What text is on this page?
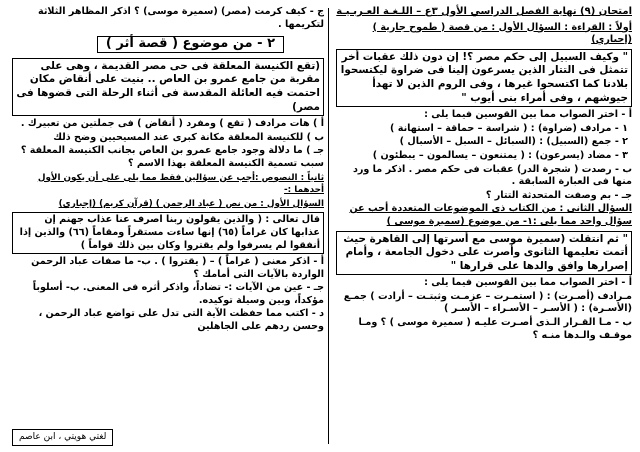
امتحان (٩) نهاية الفصل الدراسي الأول ٣ع – اللـغـة العـربـيـة
أولاً : القراءة : السؤال الأول : من قصة ( طموح جارية ) (إجباري)
" وكيف السبيل إلى حكم مصر ؟! إن دون ذلك عقبات أخر تتمثل فى التتار الذين يسرعون إلينا فى ضراوة ليكتسحوا بلادنا كما اكتسحوا غيرها ، وفى الروم الذين لا تهدأ جيوشهم ، وفى أمراء بنى أيوب "
أ - اختر الصواب مما بين القوسين فيما يلى :
١ - مرادف (ضراوة) : ( شراسة – حماقة – استهانة )
٢ - جمع (السبيل) : (السبائل – السبل – الأسبال )
٣ - مضاد (يسرعون) : ( يمتنعون – يسالمون – يبطئون )
ب - رصدت ( شجرة الدر) عقبات فى حكم مصر . اذكر ما ورد منها فى العبارة السابقة .
جـ - بم وصفت المتحدثة التتار ؟
السؤال الثانى : من الكتاب ذى الموضوعات المتعددة أجب عن سؤال واحد مما يلى :١- من موضوع (سميرة موسى )
" ثم انتقلت (سميرة موسى مع أسرتها إلى القاهرة حيث أتمت تعليمها الثانوى وأصرت على دخول الجامعة ، وأمام إصرارها وافق والدها على قرارها "
أ - اختر الصواب مما بين القوسين فيما يلى :
مـرادف (أصـرت) : ( استمـرت – عزمـت وثبتـت – أرادت ) جمـع (الأسـرة) : ( الأسـر – الأسـراء – الأسـر )
ب - مـا القـرار الـذى أصـرت عليـه ( سميرة موسى ) ؟ ومـا موقـف والـدها منـه ؟
ج - كيف كرمت (مصر) (سميرة موسى) ؟ اذكر المظاهر الثلاثة لتكريمها .
٢ - من موضوع ( قصة أثر )
(تقع الكنيسة المعلقة فى حى مصر القديمة ، وهى على مقربة من جامع عمرو بن العاص .. بنيت على أنقاض مكان احتمت فيه العائلة المقدسة فى أثناء الرحلة التى قضوها فى مصر)
أ ) هات مرادف ( تقع ) ومفرد ( أنقاض ) فى جملتين من تعبيرك .
ب ) للكنيسة المعلقة مكانة كبرى عند المسيحيين وضح ذلك
جـ ) ما دلالة وجود جامع عمرو بن العاص بجانب الكنيسة المعلقة ؟ سبب تسمية الكنيسة المعلقة بهذا الاسم ؟
ثانياً : النصوص :أجب عن سؤالين فقط مما يلى على أن يكون الأول أحدهما :-
السؤال الأول : من نص ( عباد الرحمن ) (قرآن كريم) (إجباري)
قال تعالى : ( والذين يقولون ربنا اصرف عنا عذاب جهنم إن عذابها كان غراماً (٦٥) إنها ساءت مستقراً ومقاماً (٦٦) والذين إذا أنفقوا لم يسرفوا ولم يقتروا وكان بين ذلك قواماً )
أ - اذكر معنى ( غراماً ) – ( يقتروا ) . ب- ما صفات عباد الرحمن الواردة بالآيات التى أمامك ؟
جـ - عين من الآيات :- تضاداً، واذكر أثره فى المعنى. ب- أسلوباً مؤكداً، وبين وسيلة توكيده.
د - اكتب مما حفظت الآية التى تدل على تواضع عباد الرحمن ، وحسن ردهم على الجاهلين
لغتي هويتي ، ابن عاصم
